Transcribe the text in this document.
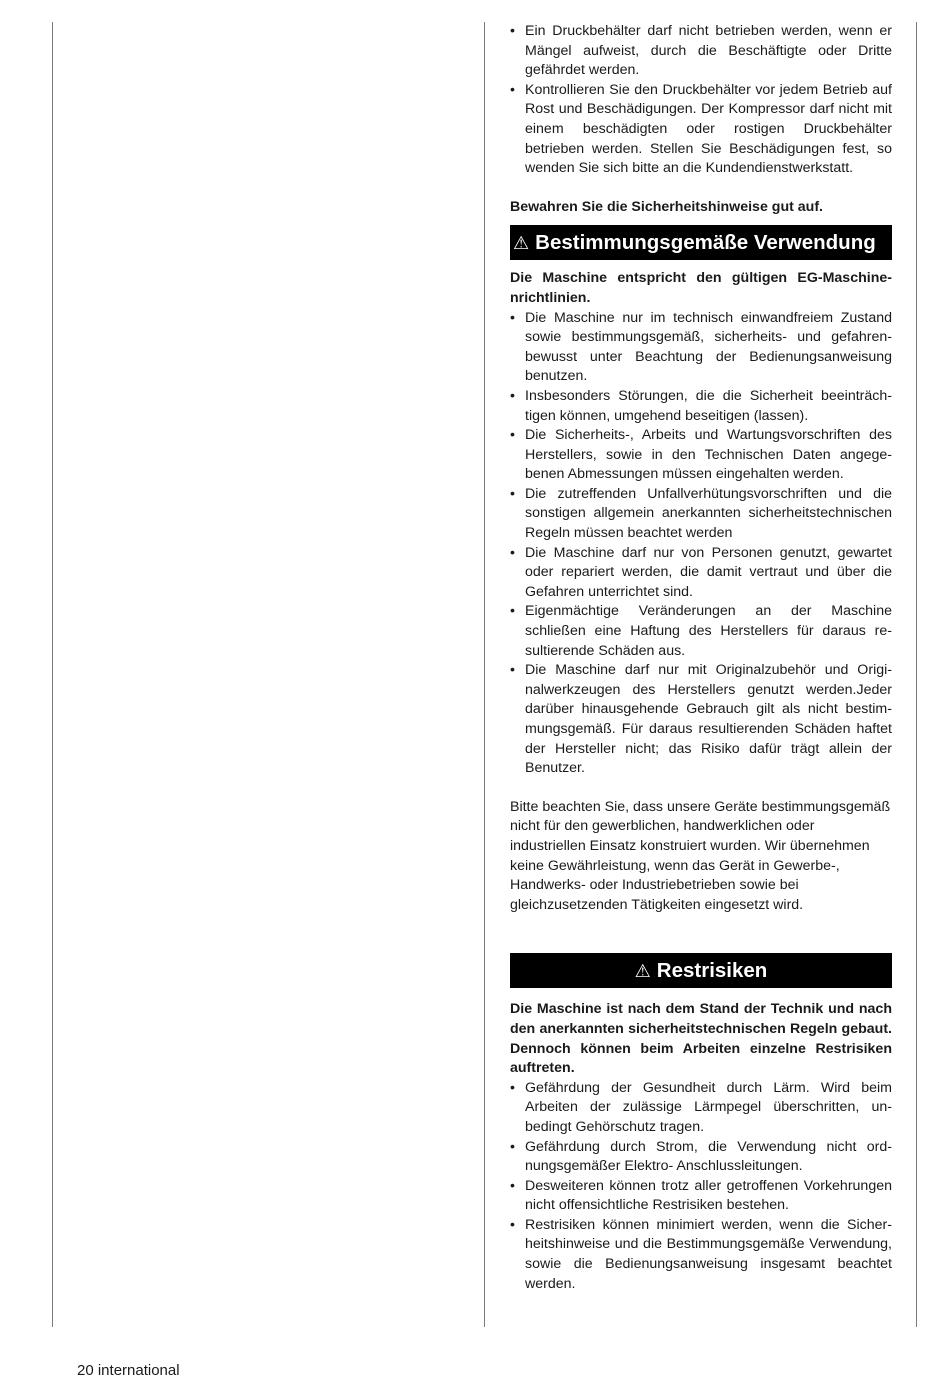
• Ein Druckbehälter darf nicht betrieben werden, wenn er Mängel aufweist, durch die Beschäftigte oder Dritte gefährdet werden.
• Kontrollieren Sie den Druckbehälter vor jedem Betrieb auf Rost und Beschädigungen. Der Kompressor darf nicht mit einem beschädigten oder rostigen Druckbehälter betrieben werden. Stellen Sie Beschädigungen fest, so wenden Sie sich bitte an die Kundendienstwerkstatt.

Bewahren Sie die Sicherheitshinweise gut auf.

⚠ Bestimmungsgemäße Verwendung

Die Maschine entspricht den gültigen EG-Maschinenrichtlinien.

• Die Maschine nur im technisch einwandfreiem Zustand sowie bestimmungsgemäß, sicherheits- und gefahrenbewusst unter Beachtung der Bedienungsanweisung benutzen.
• Insbesonders Störungen, die die Sicherheit beeinträchtigen können, umgehend beseitigen (lassen).
• Die Sicherheits-, Arbeits und Wartungsvorschriften des Herstellers, sowie in den Technischen Daten angegebenen Abmessungen müssen eingehalten werden.
• Die zutreffenden Unfallverhütungsvorschriften und die sonstigen allgemein anerkannten sicherheitstechnischen Regeln müssen beachtet werden
• Die Maschine darf nur von Personen genutzt, gewartet oder repariert werden, die damit vertraut und über die Gefahren unterrichtet sind.
• Eigenmächtige Veränderungen an der Maschine schließen eine Haftung des Herstellers für daraus resultierende Schäden aus.
• Die Maschine darf nur mit Originalzubehör und Originalwerkzeugen des Herstellers genutzt werden.Jeder darüber hinausgehende Gebrauch gilt als nicht bestimmungsgemäß. Für daraus resultierenden Schäden haftet der Hersteller nicht; das Risiko dafür trägt allein der Benutzer.

Bitte beachten Sie, dass unsere Geräte bestimmungsgemäß nicht für den gewerblichen, handwerklichen oder industriellen Einsatz konstruiert wurden. Wir übernehmen keine Gewährleistung, wenn das Gerät in Gewerbe-, Handwerks- oder Industriebetrieben sowie bei gleichzusetzenden Tätigkeiten eingesetzt wird.

⚠ Restrisiken

Die Maschine ist nach dem Stand der Technik und nach den anerkannten sicherheitstechnischen Regeln gebaut. Dennoch können beim Arbeiten einzelne Restrisiken auftreten.

• Gefährdung der Gesundheit durch Lärm. Wird beim Arbeiten der zulässige Lärmpegel überschritten, unbedingt Gehörschutz tragen.
• Gefährdung durch Strom, die Verwendung nicht ordnungsgemäßer Elektro- Anschlussleitungen.
• Desweiteren können trotz aller getroffenen Vorkehrungen nicht offensichtliche Restrisiken bestehen.
• Restrisiken können minimiert werden, wenn die Sicherheitshinweise und die Bestimmungsgemäße Verwendung, sowie die Bedienungsanweisung insgesamt beachtet werden.
20 international
